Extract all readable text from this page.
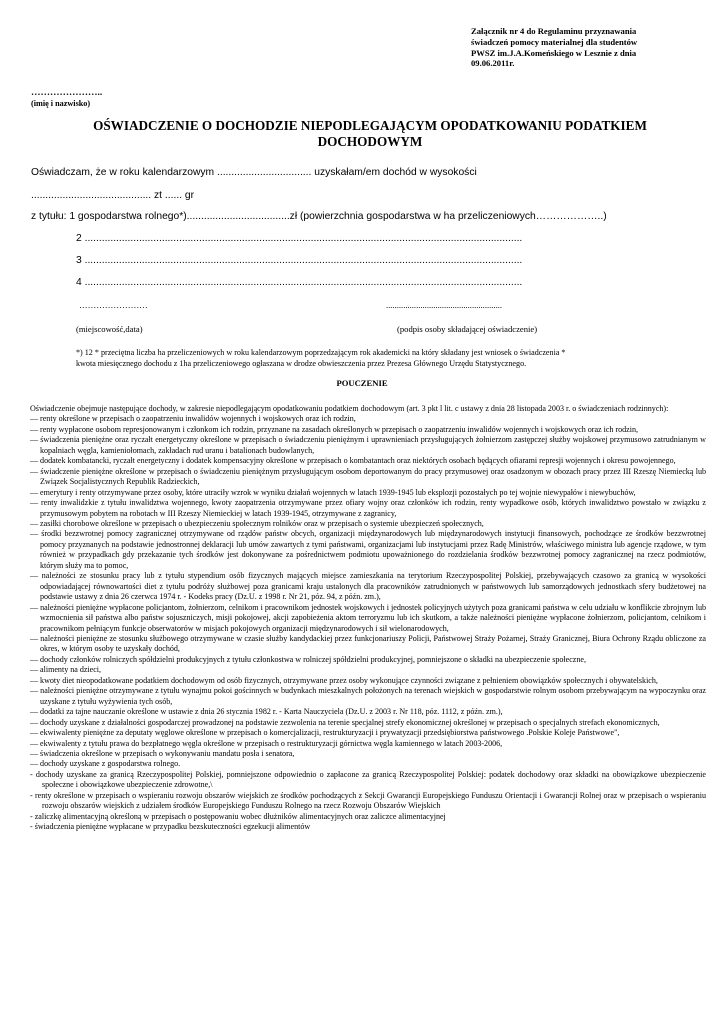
Załącznik nr 4 do Regulaminu przyznawania
świadczeń pomocy materialnej dla studentów
PWSZ im.J.A.Komeńskiego w Lesznie z dnia
09.06.2011r.
…………………..
(imię i nazwisko)
OŚWIADCZENIE O DOCHODZIE NIEPODLEGAJĄCYM OPODATKOWANIU PODATKIEM
DOCHODOWYM
Oświadczam, że w roku kalendarzowym ................................. uzyskałam/em dochód w wysokości
.......................................... zt ...... gr
z tytułu: 1 gospodarstwa rolnego*)....................................zł (powierzchnia gospodarstwa w ha przeliczeniowych………………..)
2 .........................................................................................................................................................
3 .........................................................................................................................................................
4 .........................................................................................................................................................
……………………	......................................................
(miejscowość,data)	(podpis osoby składającej oświadczenie)
*) 12 * przeciętna liczba ha przeliczeniowych w roku kalendarzowym poprzedzającym rok akademicki na który składany jest wniosek o świadczenia *
kwota miesięcznego dochodu z 1ha przeliczeniowego ogłaszana w drodze obwieszczenia przez Prezesa Głównego Urzędu Statystycznego.
POUCZENIE

Oświadczenie obejmuje następujące dochody, w zakresie niepodlegającym opodatkowaniu podatkiem dochodowym (art. 3 pkt l lit. c ustawy z dnia 28 listopada 2003 r. o świadczeniach rodzinnych):

— renty określone w przepisach o zaopatrzeniu inwalidów wojennych i wojskowych oraz ich rodzin,

— renty wypłacone osobom represjonowanym i członkom ich rodzin, przyznane na zasadach określonych w przepisach o zaopatrzeniu inwalidów wojennych i wojskowych oraz ich rodzin,

— świadczenia pieniężne oraz ryczałt energetyczny określone w przepisach o świadczeniu pieniężnym i uprawnieniach przysługujących żołnierzom zastępczej służby wojskowej przymusowo zatrudnianym w kopalniach węgla, kamieniołomach, zakładach rud uranu i batalionach budowlanych,

— dodatek kombatancki, ryczałt energetyczny i dodatek kompensacyjny określone w przepisach o kombatantach oraz niektórych osobach będących ofiarami represji wojennych i okresu powojennego,

— świadczenie pieniężne określone w przepisach o świadczeniu pieniężnym przysługującym osobom deportowanym do pracy przymusowej oraz osadzonym w obozach pracy przez III Rzeszę Niemiecką lub Związek Socjalistycznych Republik Radzieckich,

— emerytury i renty otrzymywane przez osoby, które utraciły wzrok w wyniku działań wojennych w latach 1939-1945 lub eksplozji pozostałych po tej wojnie niewypałów i niewybuchów,

— renty inwalidzkie z tytułu inwalidztwa wojennego, kwoty zaopatrzenia otrzymywane przez ofiary wojny oraz członków ich rodzin, renty wypadkowe osób, których inwalidztwo powstało w związku z przymusowym pobytem na robotach w III Rzeszy Niemieckiej w latach 1939-1945, otrzymywane z zagranicy,

— zasiłki chorobowe określone w przepisach o ubezpieczeniu społecznym rolników oraz w przepisach o systemie ubezpieczeń społecznych,

— środki bezzwrotnej pomocy zagranicznej otrzymywane od rządów państw obcych, organizacji międzynarodowych lub międzynarodowych instytucji finansowych, pochodzące ze środków bezzwrotnej pomocy przyznanych na podstawie jednostronnej deklaracji lub umów zawartych z tymi państwami, organizacjami lub instytucjami przez Radę Ministrów, właściwego ministra lub agencje rządowe, w tym również w przypadkach gdy przekazanie tych środków jest dokonywane za pośrednictwem podmiotu upoważnionego do rozdzielania środków bezzwrotnej pomocy zagranicznej na rzecz podmiotów, którym służy ma to pomoc,

— należności ze stosunku pracy lub z tytułu stypendium osób fizycznych mających miejsce zamieszkania na terytorium Rzeczypospolitej Polskiej, przebywających czasowo za granicą w wysokości odpowiadającej równowartości diet z tytułu podróży służbowej poza granicami kraju ustalonych dla pracowników zatrudnionych w państwowych lub samorządowych jednostkach sfery budżetowej na podstawie ustawy z dnia 26 czerwca 1974 r. - Kodeks pracy (Dz.U. z 1998 r. Nr 21, póz. 94, z późn. zm.),

— należności pieniężne wypłacone policjantom, żołnierzom, celnikom i pracownikom jednostek wojskowych i jednostek policyjnych użytych poza granicami państwa w celu udziału w konflikcie zbrojnym lub wzmocnienia sił państwa albo państw sojuszniczych, misji pokojowej, akcji zapobieżenia aktom terroryzmu lub ich skutkom, a także należności pieniężne wypłacone żołnierzom, policjantom, celnikom i pracownikom pełniącym funkcje obserwatorów w misjach pokojowych organizacji międzynarodowych i sił wielonarodowych,

— należności pieniężne ze stosunku służbowego otrzymywane w czasie służby kandydackiej przez funkcjonariuszy Policji, Państwowej Straży Pożarnej, Straży Granicznej, Biura Ochrony Rządu obliczone za okres, w którym osoby te uzyskały dochód,

— dochody członków rolniczych spółdzielni produkcyjnych z tytułu członkostwa w rolniczej spółdzielni produkcyjnej, pomniejszone o składki na ubezpieczenie społeczne,

— alimenty na dzieci,

— kwoty diet nieopodatkowane podatkiem dochodowym od osób fizycznych, otrzymywane przez osoby wykonujące czynności związane z pełnieniem obowiązków społecznych i obywatelskich,

— należności pieniężne otrzymywane z tytułu wynajmu pokoi gościnnych w budynkach mieszkalnych położonych na terenach wiejskich w gospodarstwie rolnym osobom przebywającym na wypoczynku oraz uzyskane z tytułu wyżywienia tych osób,

— dodatki za tajne nauczanie określone w ustawie z dnia 26 stycznia 1982 r. - Karta Nauczyciela (Dz.U. z 2003 r. Nr 118, póz. 1112, z późn. zm.),

— dochody uzyskane z działalności gospodarczej prowadzonej na podstawie zezwolenia na terenie specjalnej strefy ekonomicznej określonej w przepisach o specjalnych strefach ekonomicznych,

— ekwiwalenty pieniężne za deputaty węglowe określone w przepisach o komercjalizacji, restrukturyzacji i prywatyzacji przedsiębiorstwa państwowego .Polskie Koleje Państwowe",

— ekwiwalenty z tytułu prawa do bezpłatnego węgla określone w przepisach o restrukturyzacji górnictwa węgla kamiennego w latach 2003-2006,

— świadczenia określone w przepisach o wykonywaniu mandatu posła i senatora,

— dochody uzyskane z gospodarstwa rolnego.

- dochody uzyskane za granicą Rzeczypospolitej Polskiej, pomniejszone odpowiednio o zapłacone za granicą Rzeczypospolitej Polskiej: podatek dochodowy oraz składki na obowiązkowe ubezpieczenie społeczne i obowiązkowe ubezpieczenie zdrowotne,\

- renty określone w przepisach o wspieraniu rozwoju obszarów wiejskich ze środków pochodzących z Sekcji Gwarancji Europejskiego Funduszu Orientacji i Gwarancji Rolnej oraz w przepisach o wspieraniu rozwoju obszarów wiejskich z udziałem środków Europejskiego Funduszu Rolnego na rzecz Rozwoju Obszarów Wiejskich

- zaliczkę alimentacyjną określoną w przepisach o postępowaniu wobec dłużników alimentacyjnych oraz zaliczce alimentacyjnej

- świadczenia pieniężne wypłacane w przypadku bezskuteczności egzekucji alimentów
